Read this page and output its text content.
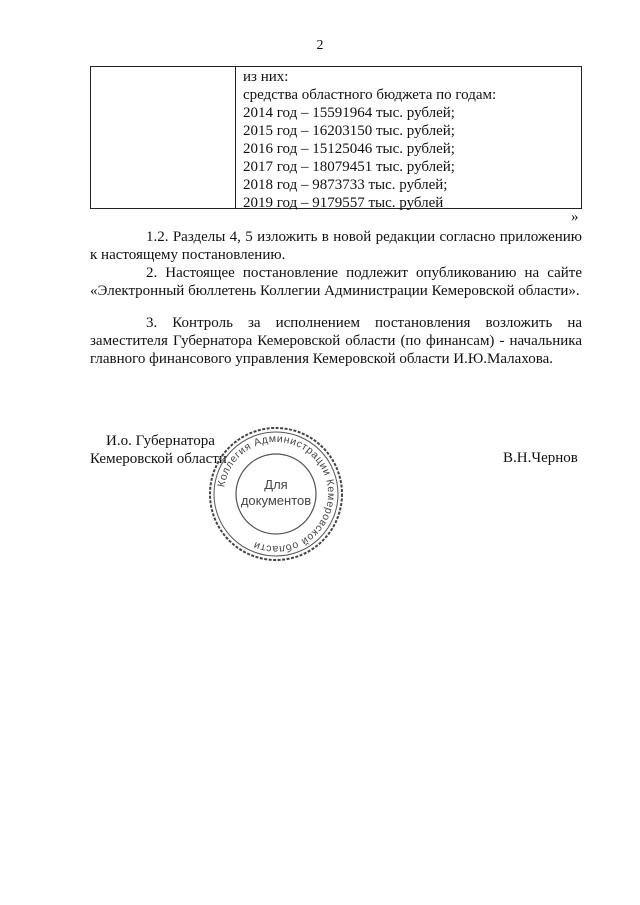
2
из них:
средства областного бюджета по годам:
2014 год – 15591964 тыс. рублей;
2015 год – 16203150 тыс. рублей;
2016 год – 15125046 тыс. рублей;
2017 год – 18079451 тыс. рублей;
2018 год – 9873733 тыс. рублей;
2019 год – 9179557 тыс. рублей
»
1.2. Разделы 4, 5 изложить в новой редакции согласно приложению к настоящему постановлению.
2. Настоящее постановление подлежит опубликованию на сайте «Электронный бюллетень Коллегии Администрации Кемеровской области».
3. Контроль за исполнением постановления возложить на заместителя Губернатора Кемеровской области (по финансам) - начальника главного финансового управления Кемеровской области И.Ю.Малахова.
И.о. Губернатора
Кемеровской области	В.Н.Чернов
Коллегия Администрации Кемеровской области
Для
документов
